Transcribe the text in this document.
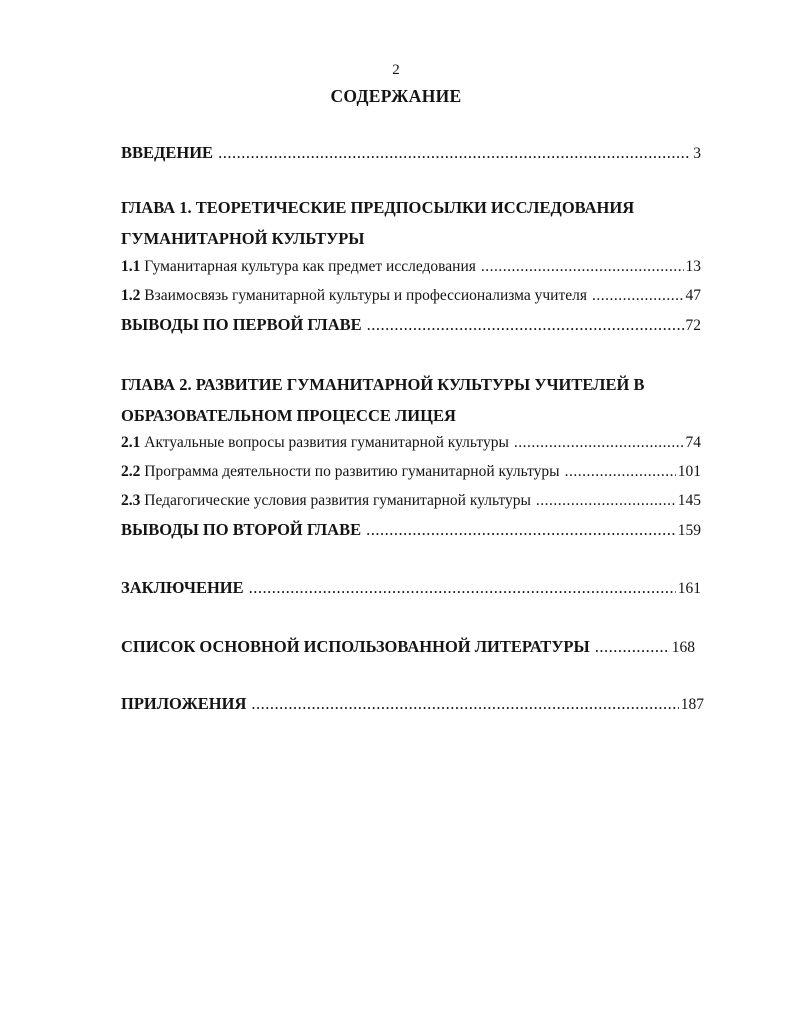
2
СОДЕРЖАНИЕ
ВВЕДЕНИЕ .....	3
ГЛАВА 1. ТЕОРЕТИЧЕСКИЕ ПРЕДПОСЫЛКИ ИССЛЕДОВАНИЯ
ГУМАНИТАРНОЙ КУЛЬТУРЫ
1.1 Гуманитарная культура как предмет исследования .....	13
1.2 Взаимосвязь гуманитарной культуры и профессионализма учителя .....	47
ВЫВОДЫ ПО ПЕРВОЙ ГЛАВЕ .....	72
ГЛАВА 2. РАЗВИТИЕ ГУМАНИТАРНОЙ КУЛЬТУРЫ УЧИТЕЛЕЙ В
ОБРАЗОВАТЕЛЬНОМ ПРОЦЕССЕ ЛИЦЕЯ
2.1 Актуальные вопросы развития гуманитарной культуры .....	74
2.2 Программа деятельности по развитию гуманитарной культуры .....	101
2.3 Педагогические условия развития гуманитарной культуры .....	145
ВЫВОДЫ ПО ВТОРОЙ ГЛАВЕ .....	159
ЗАКЛЮЧЕНИЕ .....	161
СПИСОК ОСНОВНОЙ ИСПОЛЬЗОВАННОЙ ЛИТЕРАТУРЫ .....	168
ПРИЛОЖЕНИЯ .....	187
